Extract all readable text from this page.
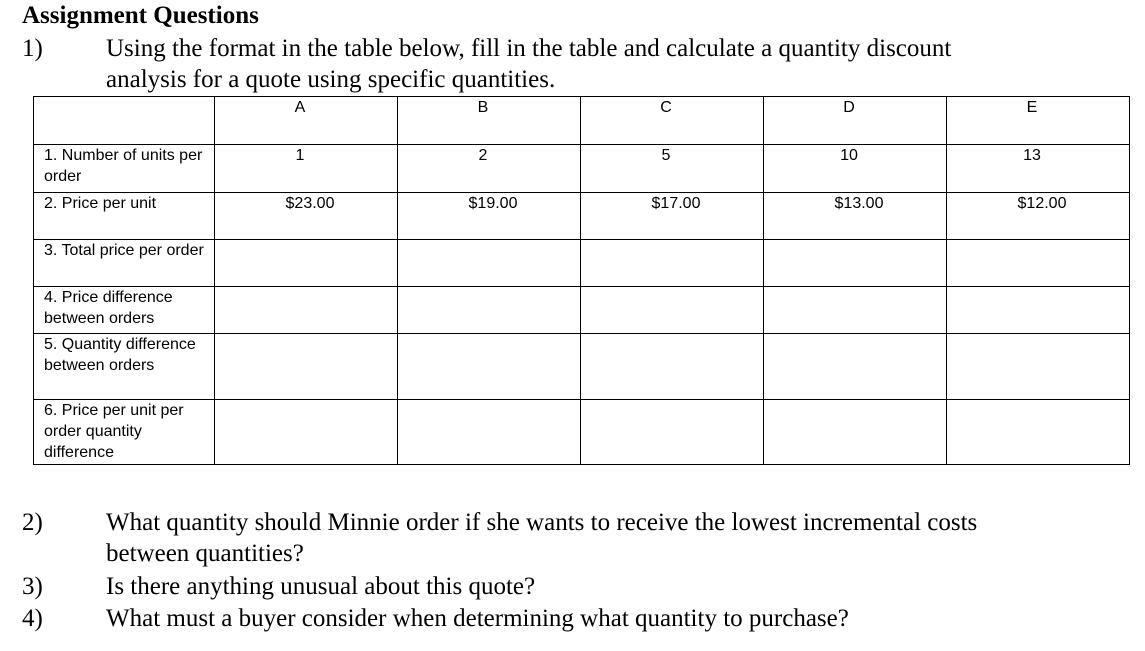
Assignment Questions
1)	Using the format in the table below, fill in the table and calculate a quantity discount
analysis for a quote using specific quantities.
	A	B	C	D	E
1. Number of units per order	1	2	5	10	13
2. Price per unit	$23.00	$19.00	$17.00	$13.00	$12.00
3. Total price per order					
4. Price difference between orders					
5. Quantity difference between orders					
6. Price per unit per order quantity difference					
2)	What quantity should Minnie order if she wants to receive the lowest incremental costs
between quantities?
3)	Is there anything unusual about this quote?
4)	What must a buyer consider when determining what quantity to purchase?
